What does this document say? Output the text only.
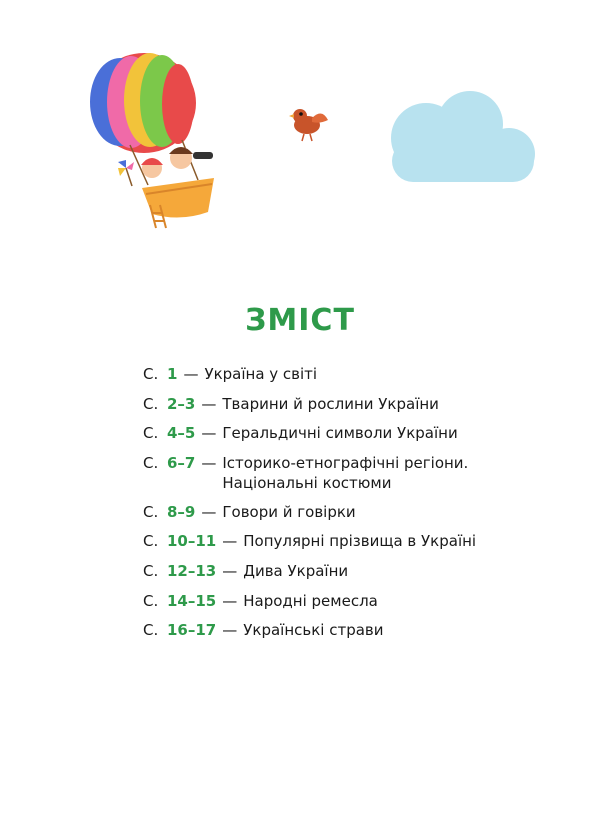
ЗМІСТ
С. 1 — Україна у світі
С. 2–3 — Тварини й рослини України
С. 4–5 — Геральдичні символи України
С. 6–7 — Історико-етнографічні регіони.
Національні костюми
С. 8–9 — Говори й говірки
С. 10–11 — Популярні прізвища в Україні
С. 12–13 — Дива України
С. 14–15 — Народні ремесла
С. 16–17 — Українські страви
